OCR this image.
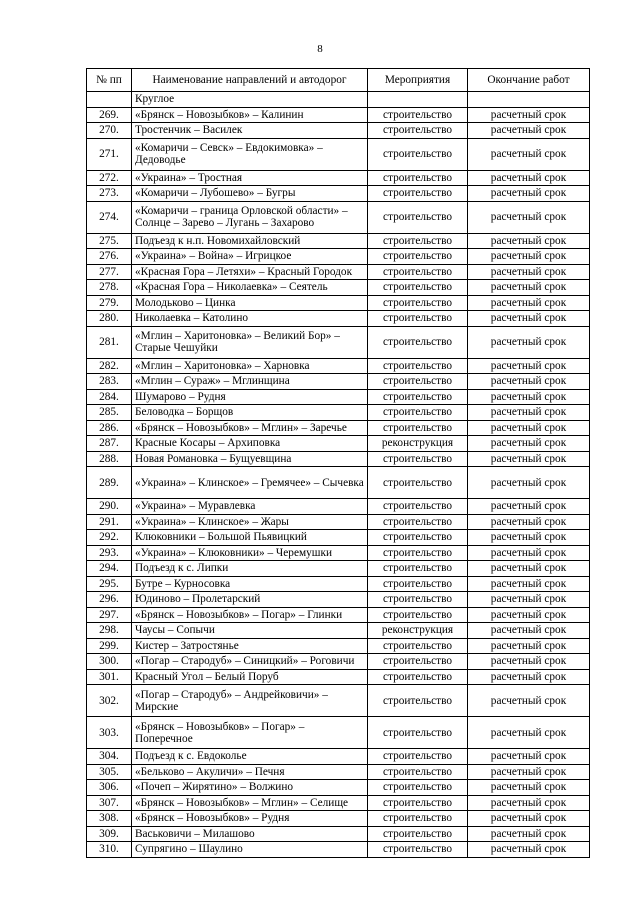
8
№ пп	Наименование направлений и автодорог	Мероприятия	Окончание работ
	Круглое		
269.	«Брянск – Новозыбков» – Калинин	строительство	расчетный срок
270.	Тростенчик – Василек	строительство	расчетный срок
271.	«Комаричи – Севск» – Евдокимовка» – Дедоводье	строительство	расчетный срок
272.	«Украина» – Тростная	строительство	расчетный срок
273.	«Комаричи – Лубошево» – Бугры	строительство	расчетный срок
274.	«Комаричи – граница Орловской области» – Солнце – Зарево – Лугань – Захарово	строительство	расчетный срок
275.	Подъезд к н.п. Новомихайловский	строительство	расчетный срок
276.	«Украина» – Война» – Игрицкое	строительство	расчетный срок
277.	«Красная Гора – Летяхи» – Красный Городок	строительство	расчетный срок
278.	«Красная Гора – Николаевка» – Сеятель	строительство	расчетный срок
279.	Молодьково – Цинка	строительство	расчетный срок
280.	Николаевка – Католино	строительство	расчетный срок
281.	«Мглин – Харитоновка» – Великий Бор» – Старые Чешуйки	строительство	расчетный срок
282.	«Мглин – Харитоновка» – Харновка	строительство	расчетный срок
283.	«Мглин – Сураж» – Мглинщина	строительство	расчетный срок
284.	Шумарово – Рудня	строительство	расчетный срок
285.	Беловодка – Борщов	строительство	расчетный срок
286.	«Брянск – Новозыбков» – Мглин» – Заречье	строительство	расчетный срок
287.	Красные Косары – Архиповка	реконструкция	расчетный срок
288.	Новая Романовка – Бущуевщина	строительство	расчетный срок
289.	«Украина» – Клинское» – Гремячее» – Сычевка	строительство	расчетный срок
290.	«Украина» – Муравлевка	строительство	расчетный срок
291.	«Украина» – Клинское» – Жары	строительство	расчетный срок
292.	Клюковники – Большой Пьявицкий	строительство	расчетный срок
293.	«Украина» – Клюковники» – Черемушки	строительство	расчетный срок
294.	Подъезд к с. Липки	строительство	расчетный срок
295.	Бутре – Курносовка	строительство	расчетный срок
296.	Юдиново – Пролетарский	строительство	расчетный срок
297.	«Брянск – Новозыбков» – Погар» – Глинки	строительство	расчетный срок
298.	Чаусы – Сопычи	реконструкция	расчетный срок
299.	Кистер – Затростянье	строительство	расчетный срок
300.	«Погар – Стародуб» – Синицкий» – Роговичи	строительство	расчетный срок
301.	Красный Угол – Белый Поруб	строительство	расчетный срок
302.	«Погар – Стародуб» – Андрейковичи» – Мирские	строительство	расчетный срок
303.	«Брянск – Новозыбков» – Погар» – Поперечное	строительство	расчетный срок
304.	Подъезд к с. Евдоколье	строительство	расчетный срок
305.	«Бельково – Акуличи» – Печня	строительство	расчетный срок
306.	«Почеп – Жирятино» – Волжино	строительство	расчетный срок
307.	«Брянск – Новозыбков» – Мглин» – Селище	строительство	расчетный срок
308.	«Брянск – Новозыбков» – Рудня	строительство	расчетный срок
309.	Васьковичи – Милашово	строительство	расчетный срок
310.	Супрягино – Шаулино	строительство	расчетный срок
